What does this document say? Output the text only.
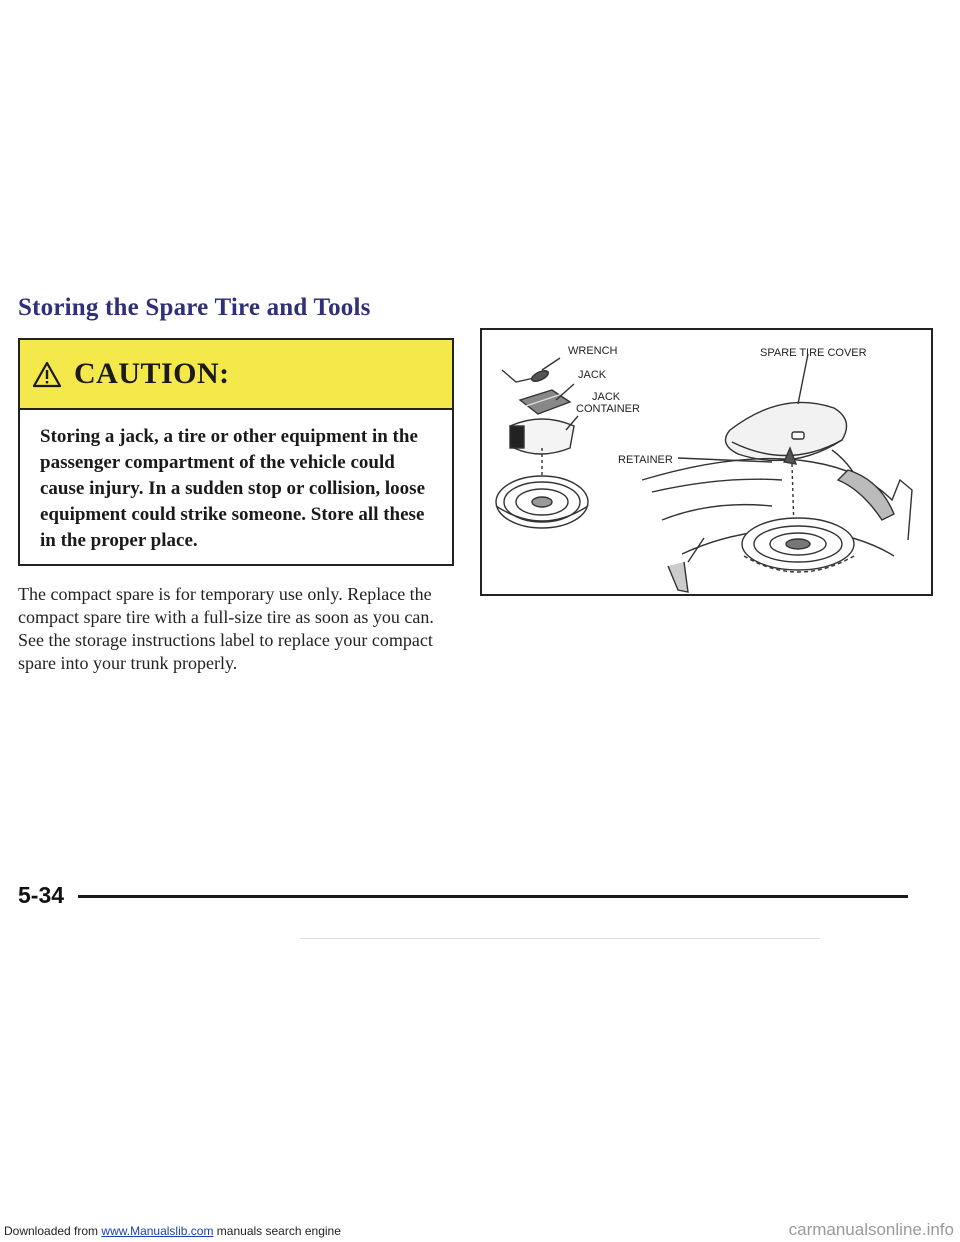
Storing the Spare Tire and Tools
CAUTION:
Storing a jack, a tire or other equipment in the passenger compartment of the vehicle could cause injury. In a sudden stop or collision, loose equipment could strike someone. Store all these in the proper place.

The compact spare is for temporary use only. Replace the compact spare tire with a full-size tire as soon as you can. See the storage instructions label to replace your compact spare into your trunk properly.

WRENCH
JACK
JACK
CONTAINER
SPARE TIRE COVER
RETAINER
5-34
Downloaded from www.Manualslib.com manuals search engine	carmanualsonline.info
